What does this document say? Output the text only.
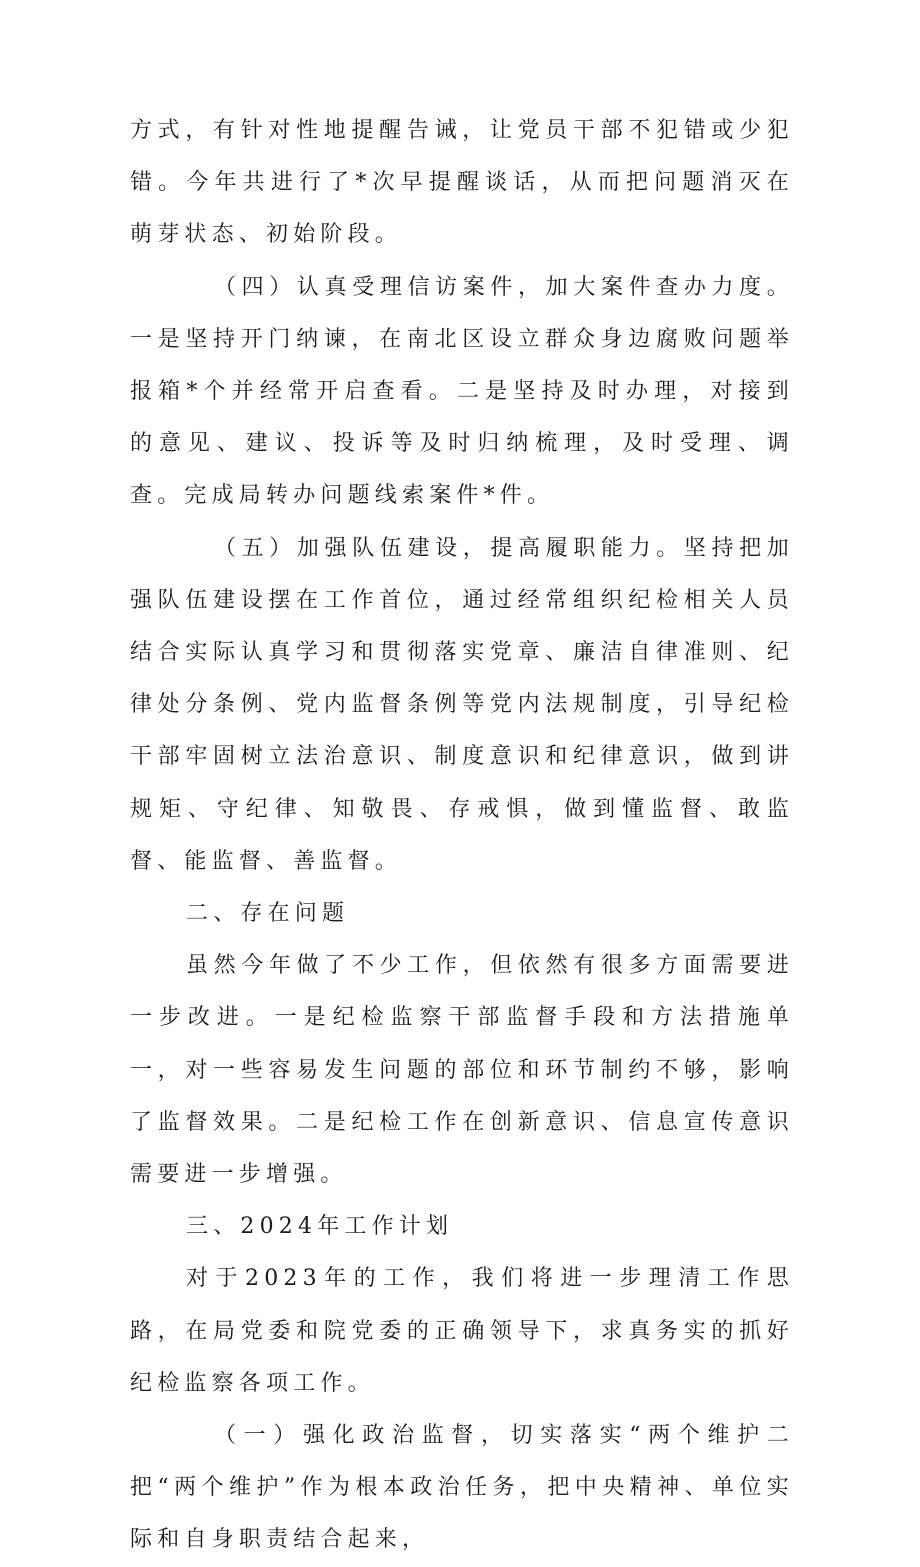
方式，有针对性地提醒告诫，让党员干部不犯错或少犯错。今年共进行了*次早提醒谈话，从而把问题消灭在萌芽状态、初始阶段。

（四）认真受理信访案件，加大案件查办力度。一是坚持开门纳谏，在南北区设立群众身边腐败问题举报箱*个并经常开启查看。二是坚持及时办理，对接到的意见、建议、投诉等及时归纳梳理，及时受理、调查。完成局转办问题线索案件*件。

（五）加强队伍建设，提高履职能力。坚持把加强队伍建设摆在工作首位，通过经常组织纪检相关人员结合实际认真学习和贯彻落实党章、廉洁自律准则、纪律处分条例、党内监督条例等党内法规制度，引导纪检干部牢固树立法治意识、制度意识和纪律意识，做到讲规矩、守纪律、知敬畏、存戒惧，做到懂监督、敢监督、能监督、善监督。

二、存在问题

虽然今年做了不少工作，但依然有很多方面需要进一步改进。一是纪检监察干部监督手段和方法措施单一，对一些容易发生问题的部位和环节制约不够，影响了监督效果。二是纪检工作在创新意识、信息宣传意识需要进一步增强。

三、2024年工作计划

对于2023年的工作，我们将进一步理清工作思路，在局党委和院党委的正确领导下，求真务实的抓好纪检监察各项工作。

（一）强化政治监督，切实落实“两个维护二把“两个维护”作为根本政治任务，把中央精神、单位实际和自身职责结合起来，
